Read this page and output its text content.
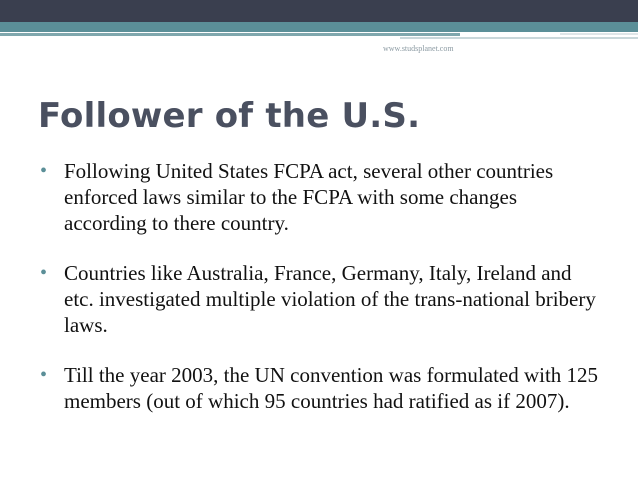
www.studsplanet.com
Follower of the U.S.
• Following United States FCPA act, several other countries enforced laws similar to the FCPA with some changes according to there country.
• Countries like Australia, France, Germany, Italy, Ireland and etc. investigated multiple violation of the trans-national bribery laws.
• Till the year 2003, the UN convention was formulated with 125 members (out of which 95 countries had ratified as if 2007).
